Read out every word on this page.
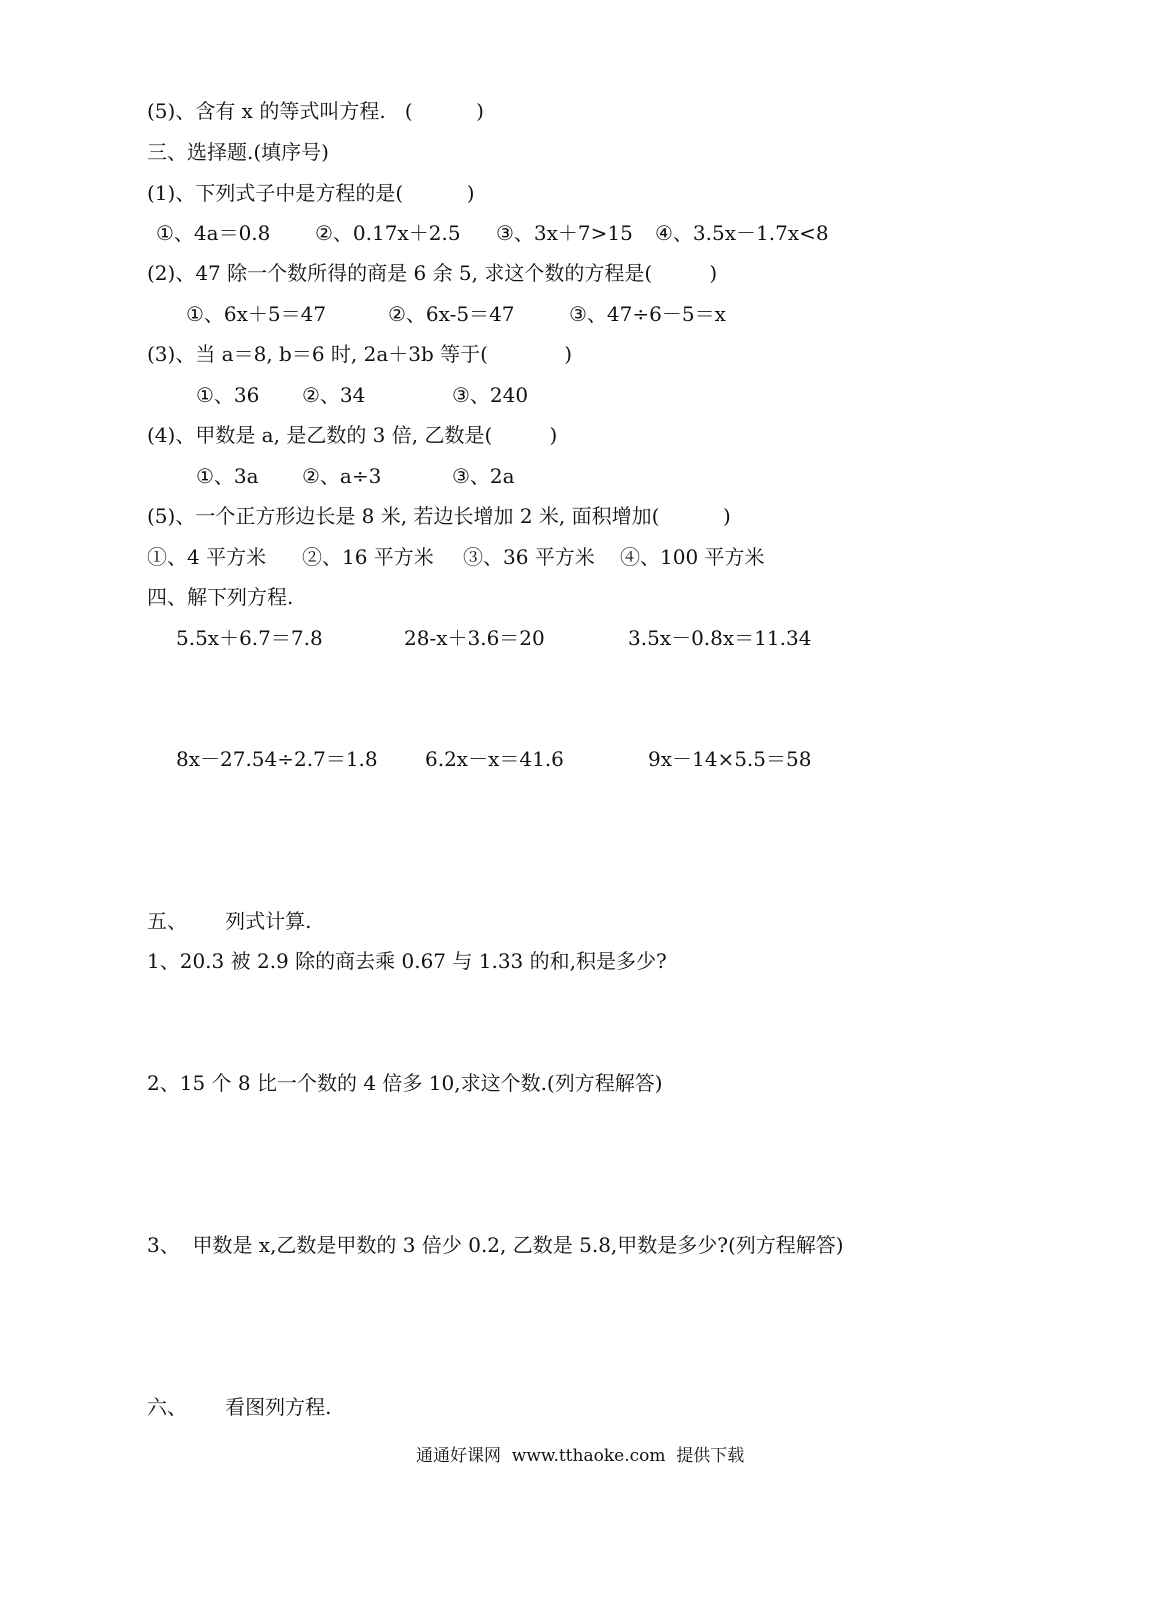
(5)、含有 x 的等式叫方程.   (          )
三、选择题.(填序号)
(1)、下列式子中是方程的是(          )
①、4a＝0.8 ②、0.17x＋2.5 ③、3x＋7>15 ④、3.5x－1.7x<8
(2)、47 除一个数所得的商是 6 余 5, 求这个数的方程是(         )
①、6x＋5＝47	②、6x-5＝47	③、47÷6－5＝x
(3)、当 a＝8, b＝6 时, 2a＋3b 等于(            )
①、36 ②、34	③、240
(4)、甲数是 a, 是乙数的 3 倍, 乙数是(         )
①、3a ②、a÷3	③、2a
(5)、一个正方形边长是 8 米, 若边长增加 2 米, 面积增加(          )
①、4 平方米 ②、16 平方米 ③、36 平方米 ④、100 平方米
四、解下列方程.
5.5x＋6.7＝7.8	28-x＋3.6＝20	3.5x－0.8x＝11.34
8x－27.54÷2.7＝1.8 6.2x－x＝41.6	9x－14×5.5＝58
五、      列式计算.
1、20.3 被 2.9 除的商去乘 0.67 与 1.33 的和,积是多少?
2、15 个 8 比一个数的 4 倍多 10,求这个数.(列方程解答)
3、  甲数是 x,乙数是甲数的 3 倍少 0.2, 乙数是 5.8,甲数是多少?(列方程解答)
六、      看图列方程.
通通好课网  www.tthaoke.com  提供下载
